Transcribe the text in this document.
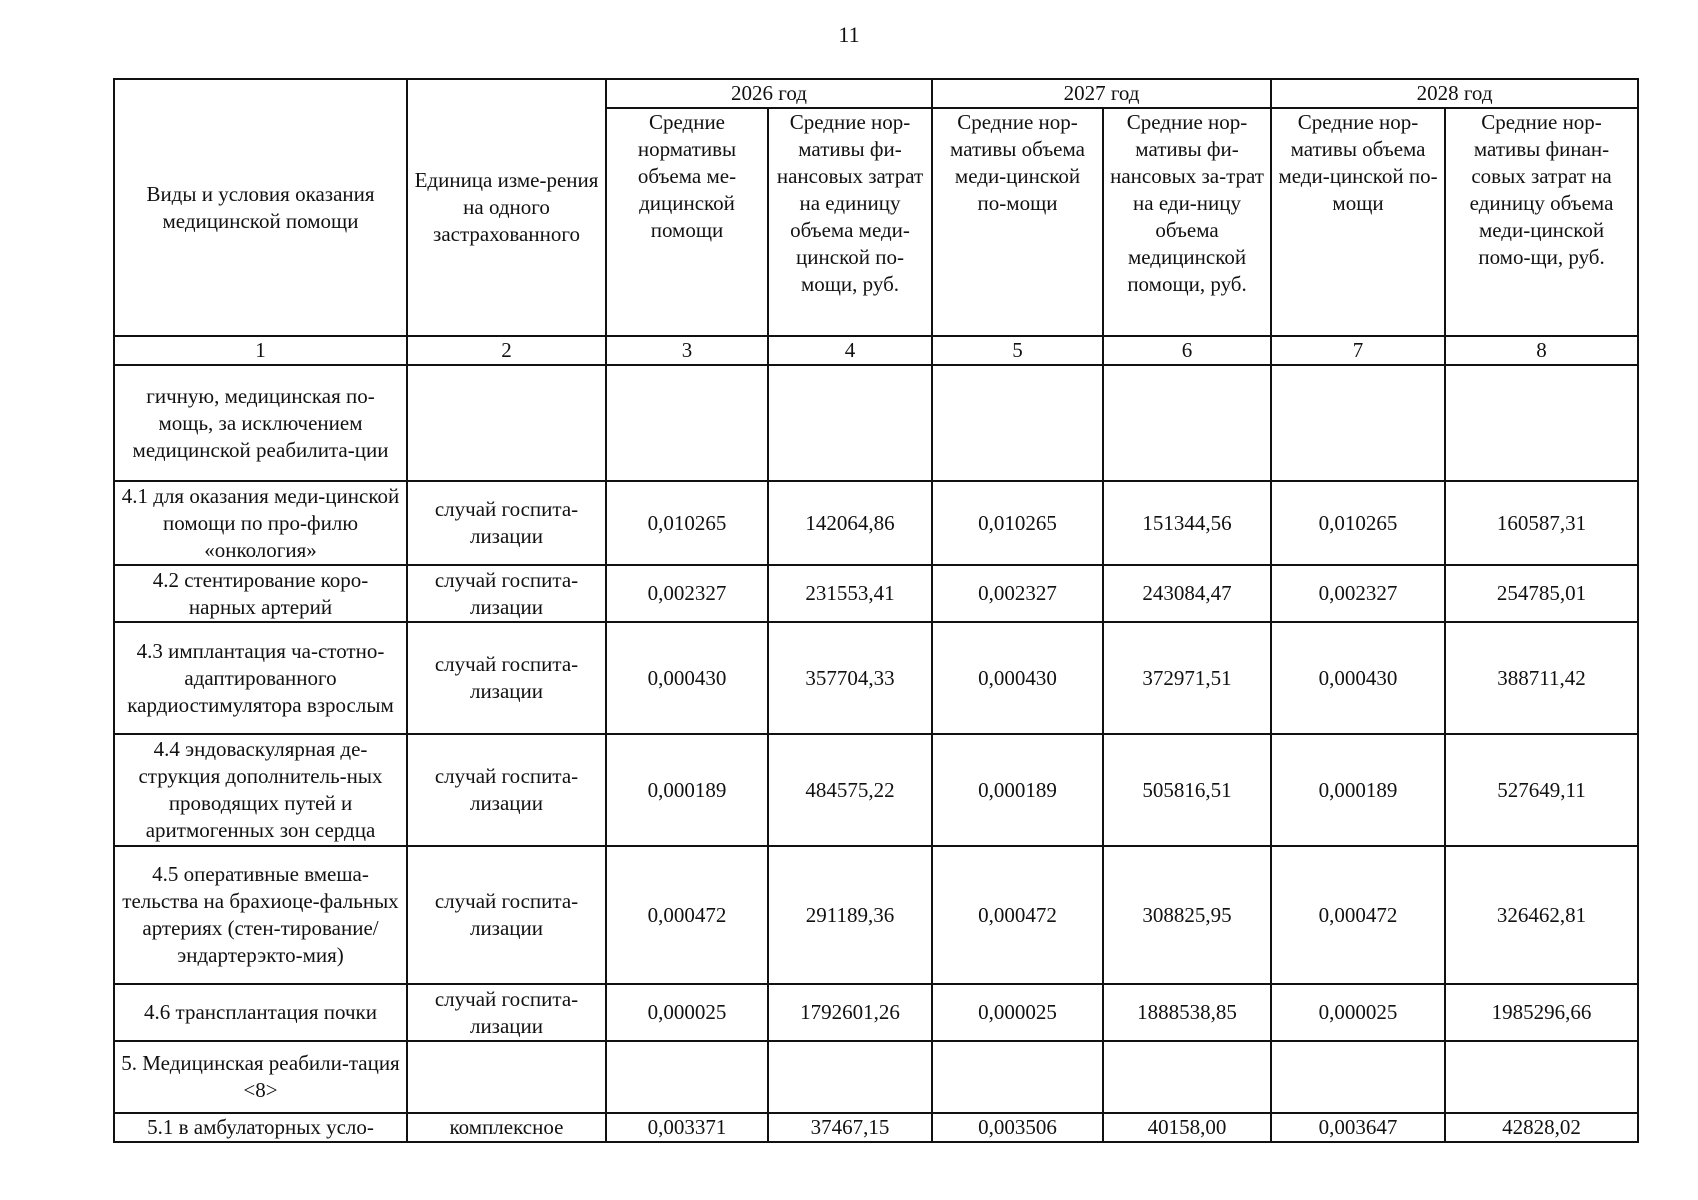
11
Виды и условия оказания медицинской помощи	Единица изме-рения на одного застрахованного	2026 год		2027 год		2028 год	
		Средние нормативы объема ме-дицинской помощи	Средние нор-мативы фи-нансовых затрат на единицу объема меди-цинской по-мощи, руб.	Средние нор-мативы объема меди-цинской по-мощи	Средние нор-мативы фи-нансовых за-трат на еди-ницу объема медицинской помощи, руб.	Средние нор-мативы объема меди-цинской по-мощи	Средние нор-мативы финан-совых затрат на единицу объема меди-цинской помо-щи, руб.
1	2	3	4	5	6	7	8
гичную, медицинская по-мощь, за исключением медицинской реабилита-ции							
4.1 для оказания меди-цинской помощи по про-филю «онкология»	случай госпита-лизации	0,010265	142064,86	0,010265	151344,56	0,010265	160587,31
4.2 стентирование коро-нарных артерий	случай госпита-лизации	0,002327	231553,41	0,002327	243084,47	0,002327	254785,01
4.3 имплантация ча-стотно-адаптированного кардиостимулятора взрослым	случай госпита-лизации	0,000430	357704,33	0,000430	372971,51	0,000430	388711,42
4.4 эндоваскулярная де-струкция дополнитель-ных проводящих путей и аритмогенных зон сердца	случай госпита-лизации	0,000189	484575,22	0,000189	505816,51	0,000189	527649,11
4.5 оперативные вмеша-тельства на брахиоце-фальных артериях (стен-тирование/эндартерэкто-мия)	случай госпита-лизации	0,000472	291189,36	0,000472	308825,95	0,000472	326462,81
4.6 трансплантация почки	случай госпита-лизации	0,000025	1792601,26	0,000025	1888538,85	0,000025	1985296,66
5. Медицинская реабили-тация <8>							
5.1 в амбулаторных усло-	комплексное	0,003371	37467,15	0,003506	40158,00	0,003647	42828,02
